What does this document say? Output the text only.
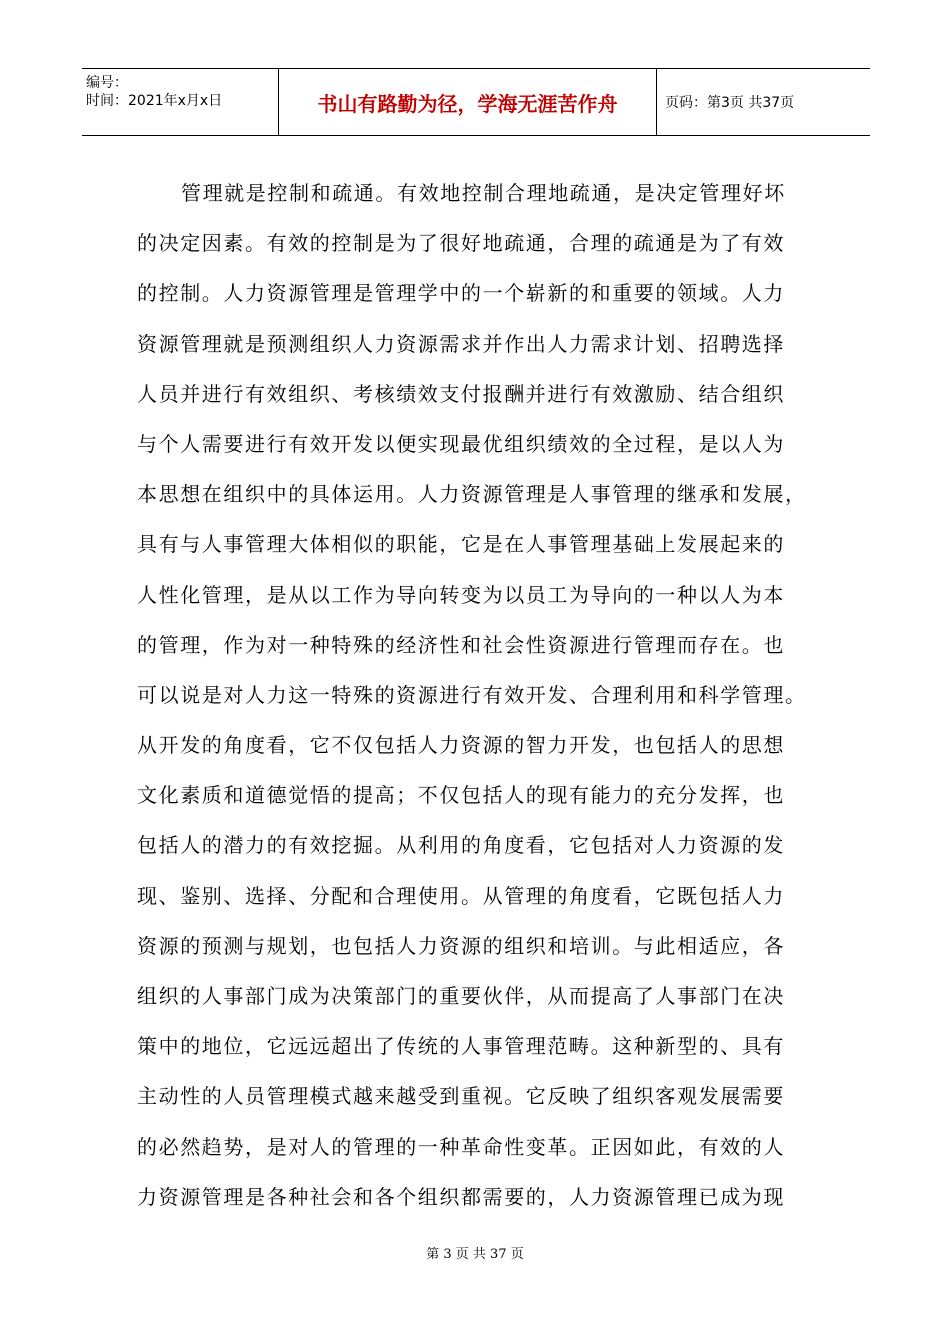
编号：
时间：2021年x月x日	书山有路勤为径，学海无涯苦作舟	页码：第3页 共37页
管理就是控制和疏通。有效地控制合理地疏通，是决定管理好坏
的决定因素。有效的控制是为了很好地疏通，合理的疏通是为了有效
的控制。人力资源管理是管理学中的一个崭新的和重要的领域。人力
资源管理就是预测组织人力资源需求并作出人力需求计划、招聘选择
人员并进行有效组织、考核绩效支付报酬并进行有效激励、结合组织
与个人需要进行有效开发以便实现最优组织绩效的全过程，是以人为
本思想在组织中的具体运用。人力资源管理是人事管理的继承和发展，
具有与人事管理大体相似的职能，它是在人事管理基础上发展起来的
人性化管理，是从以工作为导向转变为以员工为导向的一种以人为本
的管理，作为对一种特殊的经济性和社会性资源进行管理而存在。也
可以说是对人力这一特殊的资源进行有效开发、合理利用和科学管理。
从开发的角度看，它不仅包括人力资源的智力开发，也包括人的思想
文化素质和道德觉悟的提高；不仅包括人的现有能力的充分发挥，也
包括人的潜力的有效挖掘。从利用的角度看，它包括对人力资源的发
现、鉴别、选择、分配和合理使用。从管理的角度看，它既包括人力
资源的预测与规划，也包括人力资源的组织和培训。与此相适应，各
组织的人事部门成为决策部门的重要伙伴，从而提高了人事部门在决
策中的地位，它远远超出了传统的人事管理范畴。这种新型的、具有
主动性的人员管理模式越来越受到重视。它反映了组织客观发展需要
的必然趋势，是对人的管理的一种革命性变革。正因如此，有效的人
力资源管理是各种社会和各个组织都需要的，人力资源管理已成为现
第 3 页 共 37 页
